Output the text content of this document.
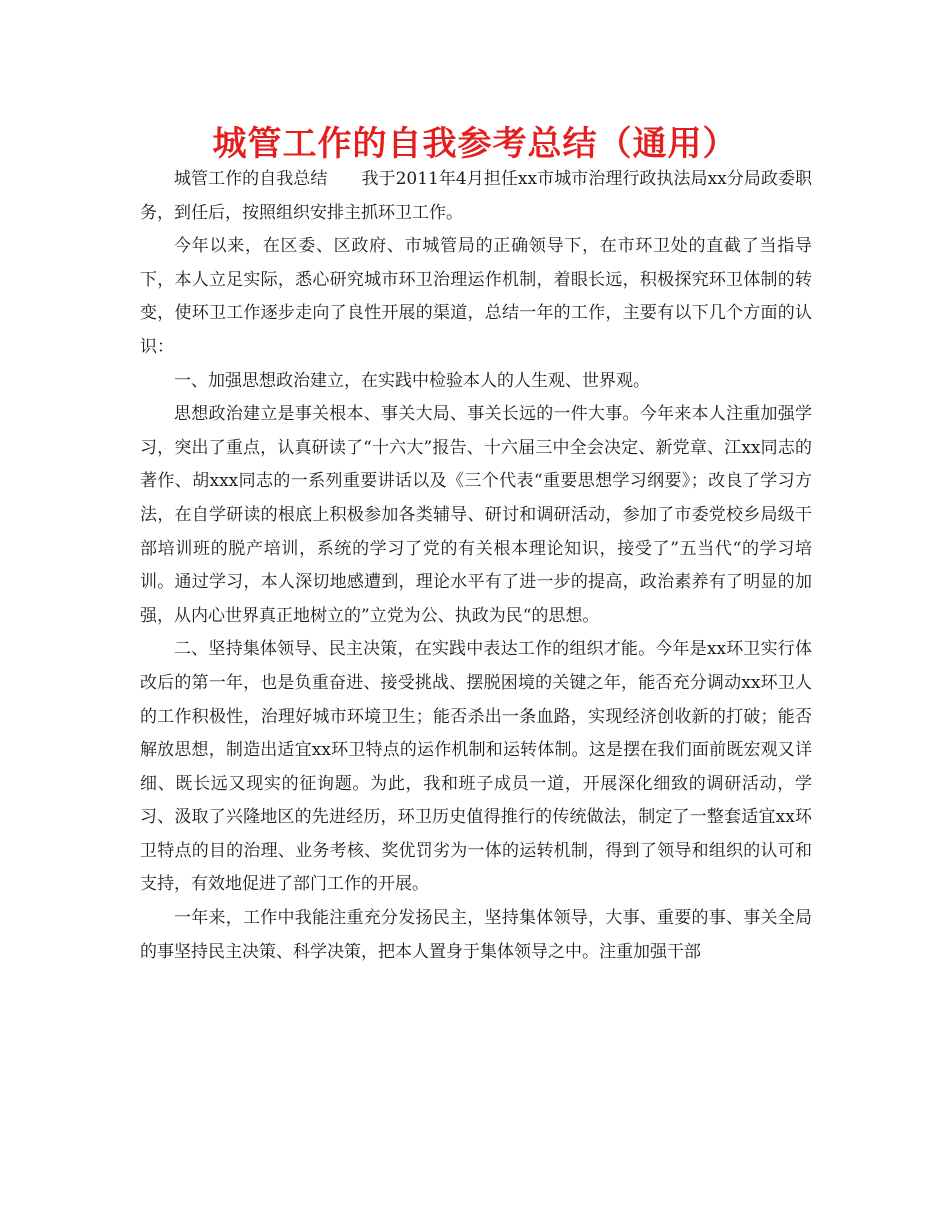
城管工作的自我参考总结（通用）

城管工作的自我总结　　我于2011年4月担任xx市城市治理行政执法局xx分局政委职务，到任后，按照组织安排主抓环卫工作。

今年以来，在区委、区政府、市城管局的正确领导下，在市环卫处的直截了当指导下，本人立足实际，悉心研究城市环卫治理运作机制，着眼长远，积极探究环卫体制的转变，使环卫工作逐步走向了良性开展的渠道，总结一年的工作，主要有以下几个方面的认识：

一、加强思想政治建立，在实践中检验本人的人生观、世界观。

思想政治建立是事关根本、事关大局、事关长远的一件大事。今年来本人注重加强学习，突出了重点，认真研读了“十六大”报告、十六届三中全会决定、新党章、江xx同志的著作、胡xxx同志的一系列重要讲话以及《三个代表“重要思想学习纲要》；改良了学习方法，在自学研读的根底上积极参加各类辅导、研讨和调研活动，参加了市委党校乡局级干部培训班的脱产培训，系统的学习了党的有关根本理论知识，接受了”五当代“的学习培训。通过学习，本人深切地感遭到，理论水平有了进一步的提高，政治素养有了明显的加强，从内心世界真正地树立的”立党为公、执政为民“的思想。

二、坚持集体领导、民主决策，在实践中表达工作的组织才能。今年是xx环卫实行体改后的第一年，也是负重奋进、接受挑战、摆脱困境的关键之年，能否充分调动xx环卫人的工作积极性，治理好城市环境卫生；能否杀出一条血路，实现经济创收新的打破；能否解放思想，制造出适宜xx环卫特点的运作机制和运转体制。这是摆在我们面前既宏观又详细、既长远又现实的征询题。为此，我和班子成员一道，开展深化细致的调研活动，学习、汲取了兴隆地区的先进经历，环卫历史值得推行的传统做法，制定了一整套适宜xx环卫特点的目的治理、业务考核、奖优罚劣为一体的运转机制，得到了领导和组织的认可和支持，有效地促进了部门工作的开展。

一年来，工作中我能注重充分发扬民主，坚持集体领导，大事、重要的事、事关全局的事坚持民主决策、科学决策，把本人置身于集体领导之中。注重加强干部
